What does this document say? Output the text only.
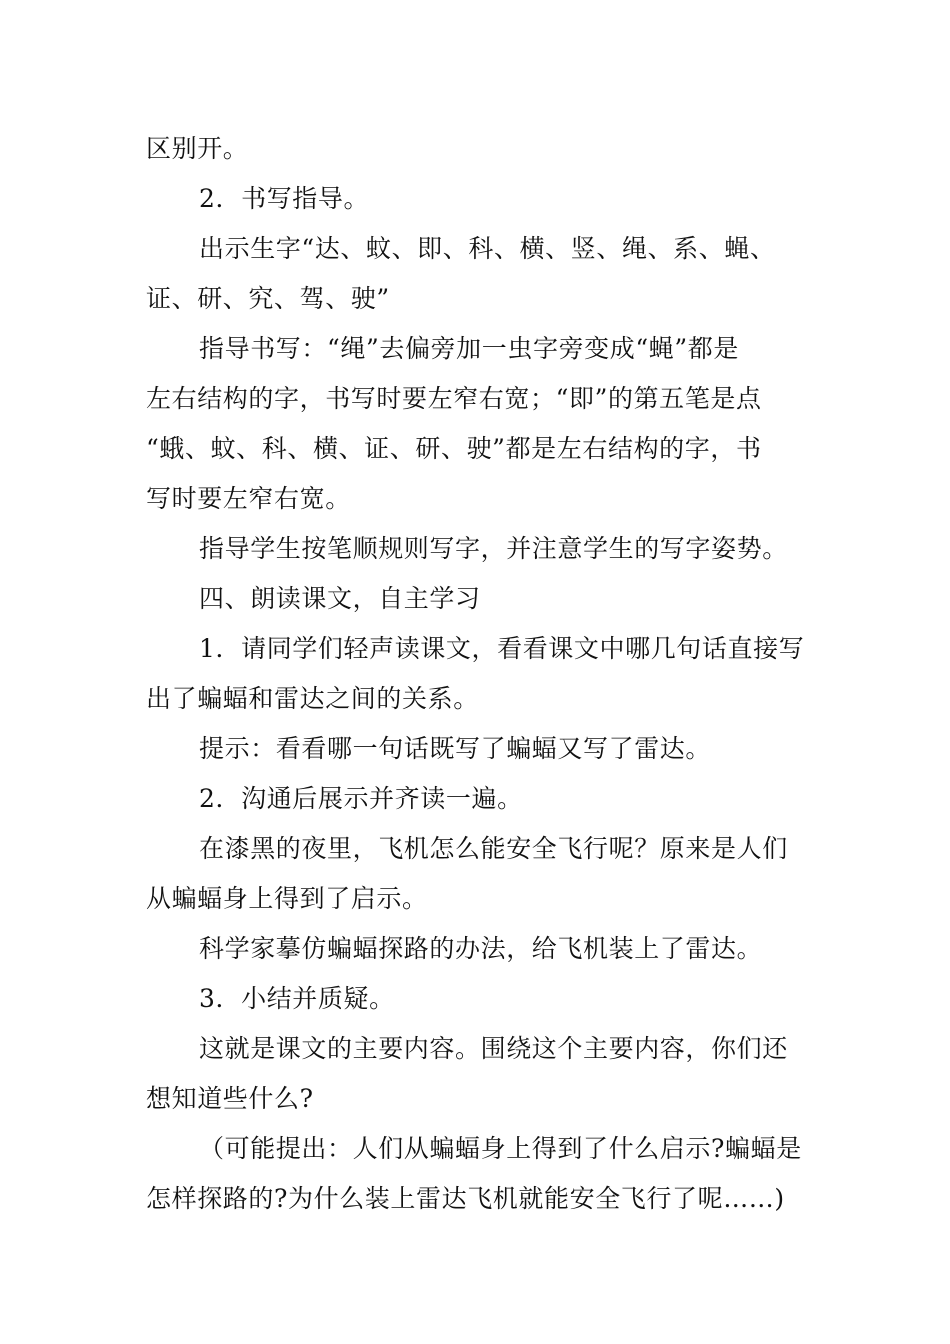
区别开。
2．书写指导。
出示生字“达、蚊、即、科、横、竖、绳、系、蝇、
证、研、究、驾、驶”
指导书写：“绳”去偏旁加一虫字旁变成“蝇”都是
左右结构的字，书写时要左窄右宽；“即”的第五笔是点
“蛾、蚊、科、横、证、研、驶”都是左右结构的字，书
写时要左窄右宽。
指导学生按笔顺规则写字，并注意学生的写字姿势。
四、朗读课文，自主学习
1．请同学们轻声读课文，看看课文中哪几句话直接写
出了蝙蝠和雷达之间的关系。
提示：看看哪一句话既写了蝙蝠又写了雷达。
2．沟通后展示并齐读一遍。
在漆黑的夜里，飞机怎么能安全飞行呢？原来是人们
从蝙蝠身上得到了启示。
科学家摹仿蝙蝠探路的办法，给飞机装上了雷达。
3．小结并质疑。
这就是课文的主要内容。围绕这个主要内容，你们还
想知道些什么?
（可能提出：人们从蝙蝠身上得到了什么启示?蝙蝠是
怎样探路的?为什么装上雷达飞机就能安全飞行了呢……)
